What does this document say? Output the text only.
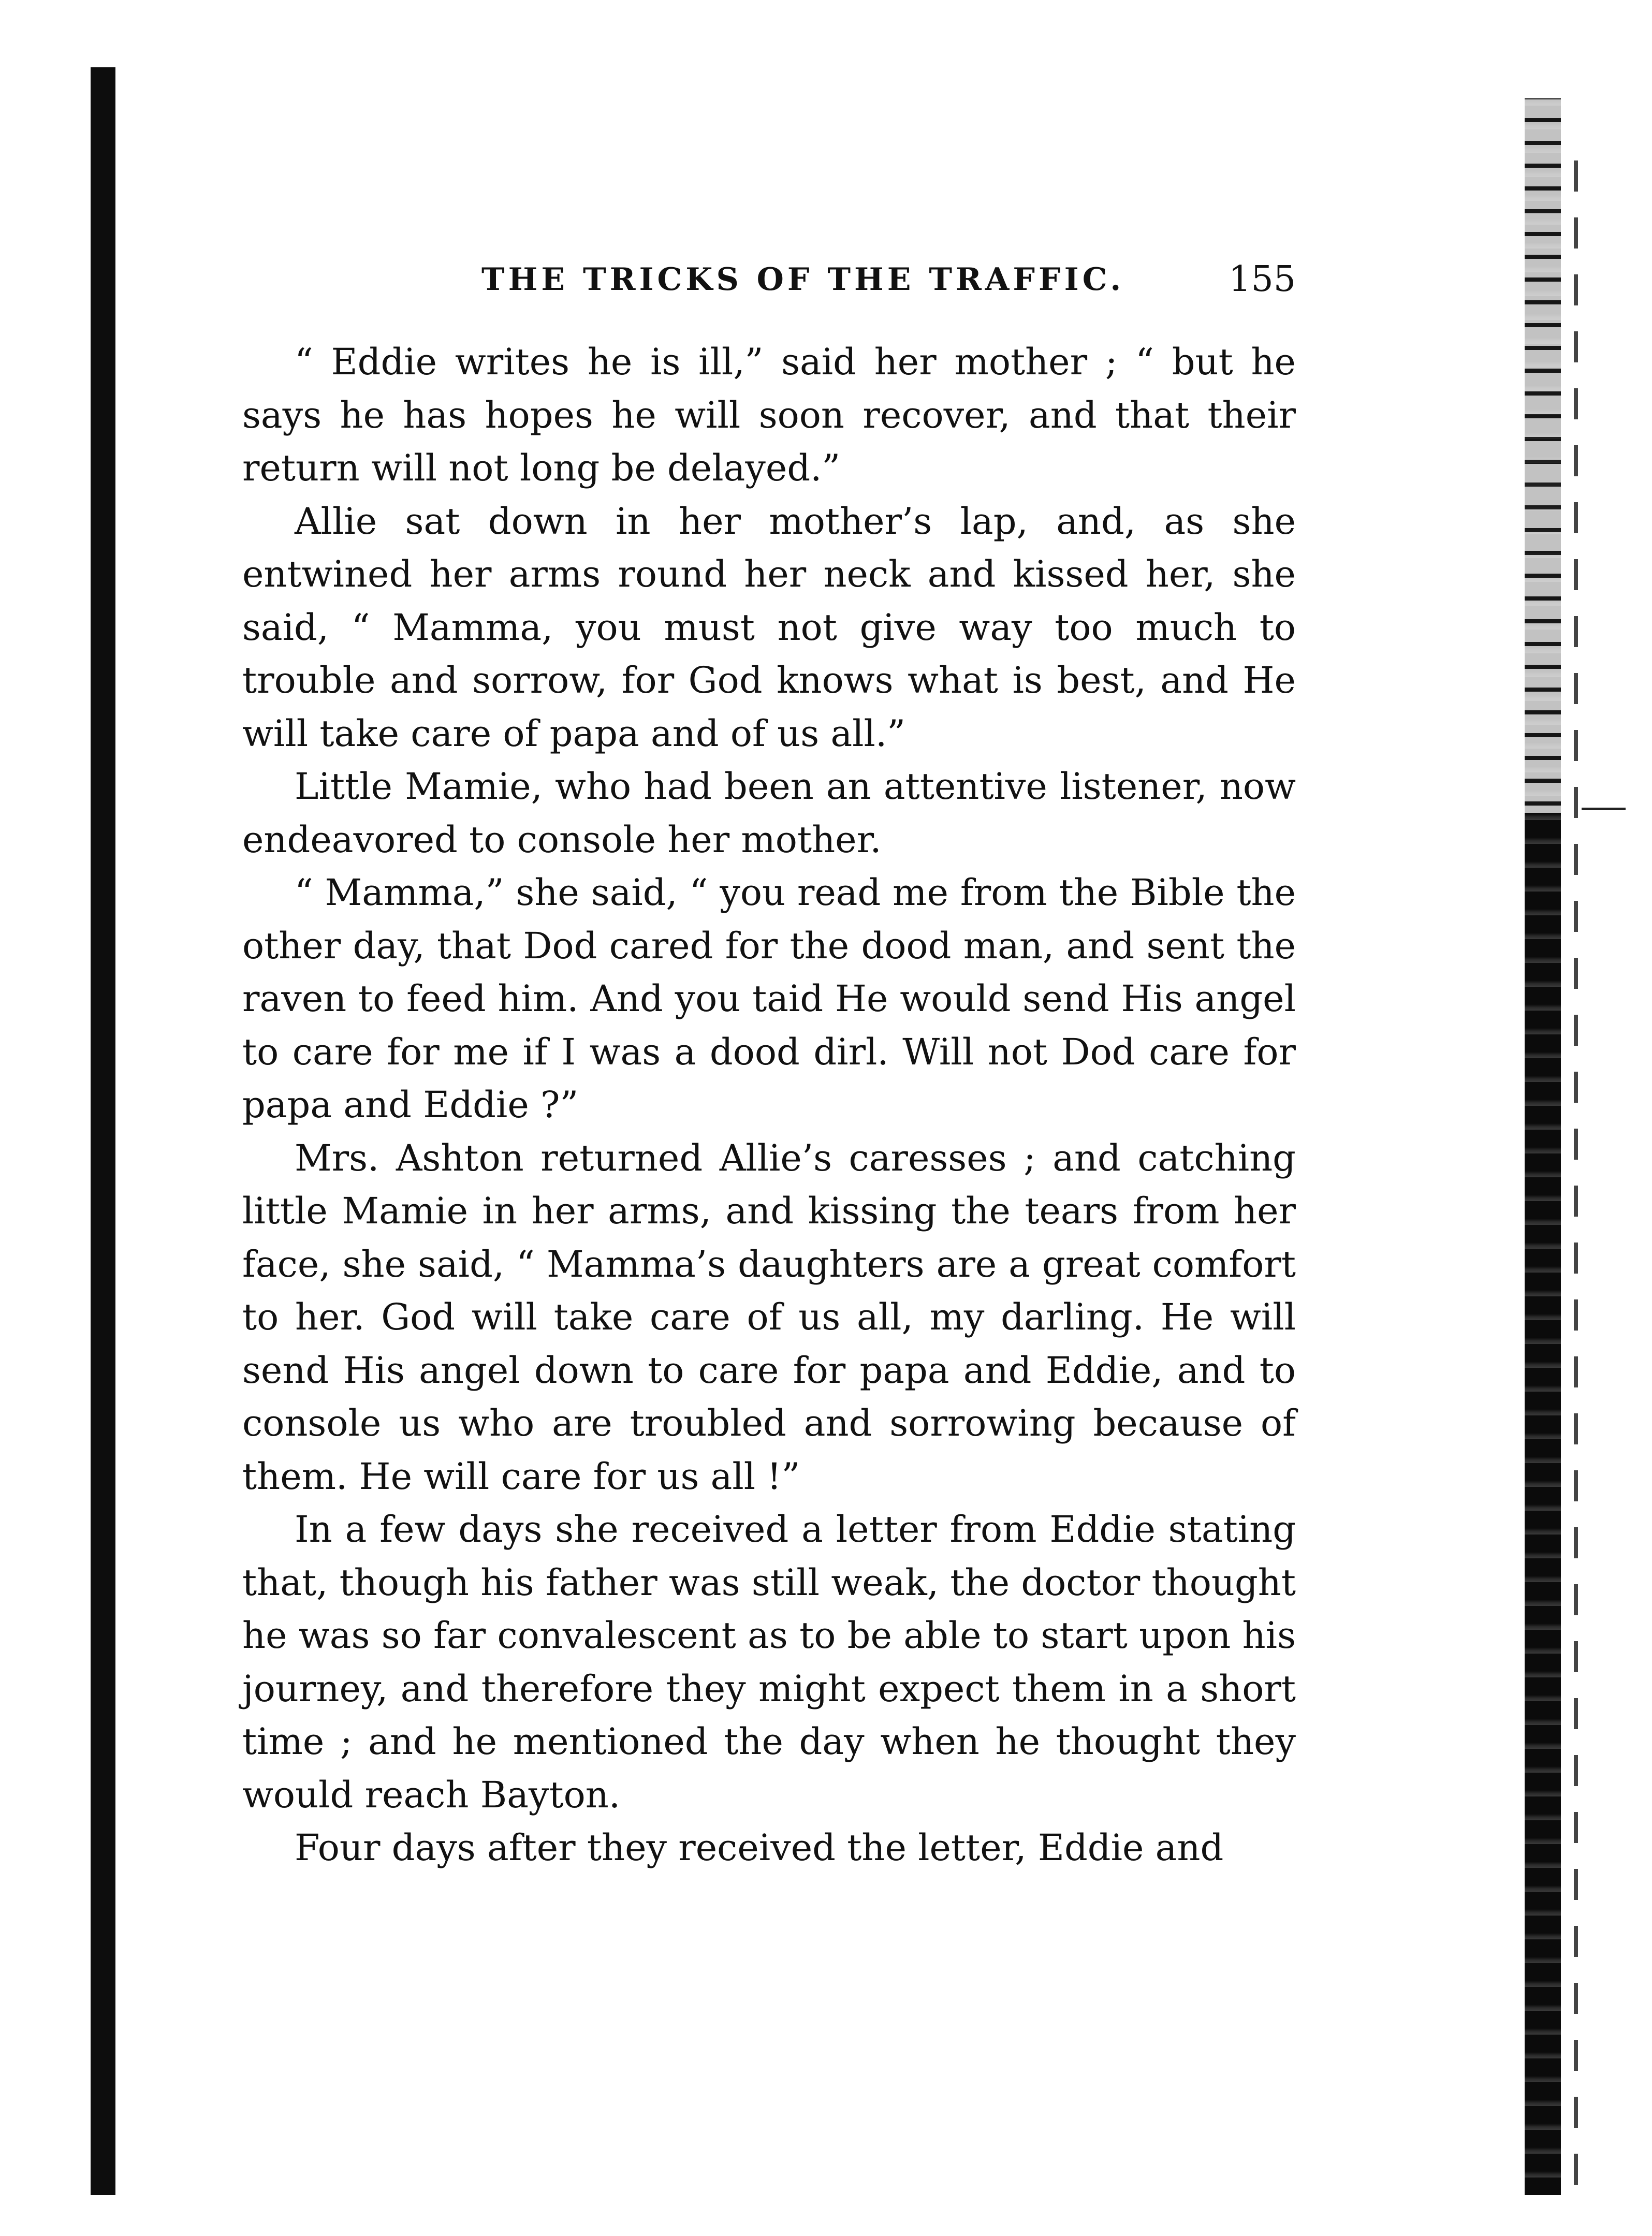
THE TRICKS OF THE TRAFFIC.	155

“ Eddie writes he is ill,” said her mother ; “ but he says he has hopes he will soon recover, and that their return will not long be delayed.”

Allie sat down in her mother’s lap, and, as she entwined her arms round her neck and kissed her, she said, “ Mamma, you must not give way too much to trouble and sorrow, for God knows what is best, and He will take care of papa and of us all.”

Little Mamie, who had been an attentive listener, now endeavored to console her mother.

“ Mamma,” she said, “ you read me from the Bible the other day, that Dod cared for the dood man, and sent the raven to feed him. And you taid He would send His angel to care for me if I was a dood dirl. Will not Dod care for papa and Eddie ?”

Mrs. Ashton returned Allie’s caresses ; and catching little Mamie in her arms, and kissing the tears from her face, she said, “ Mamma’s daughters are a great comfort to her. God will take care of us all, my darling. He will send His angel down to care for papa and Eddie, and to console us who are troubled and sorrowing because of them. He will care for us all !”

In a few days she received a letter from Eddie stating that, though his father was still weak, the doctor thought he was so far convalescent as to be able to start upon his journey, and therefore they might expect them in a short time ; and he mentioned the day when he thought they would reach Bayton.

Four days after they received the letter, Eddie and
